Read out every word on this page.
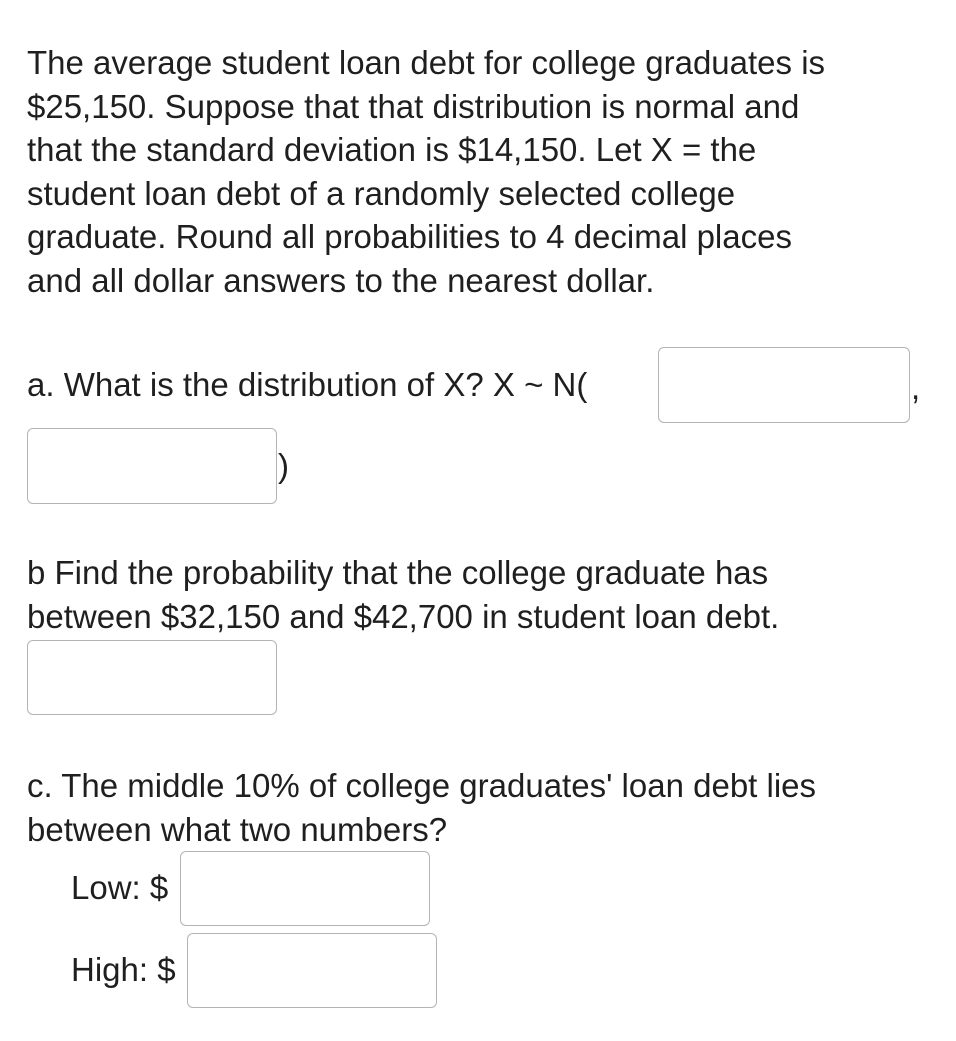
The average student loan debt for college graduates is
$25,150. Suppose that that distribution is normal and
that the standard deviation is $14,150. Let X = the
student loan debt of a randomly selected college
graduate. Round all probabilities to 4 decimal places
and all dollar answers to the nearest dollar.
a. What is the distribution of X? X ~ N(	,
)
b Find the probability that the college graduate has
between $32,150 and $42,700 in student loan debt.
c. The middle 10% of college graduates' loan debt lies
between what two numbers?
Low: $
High: $
